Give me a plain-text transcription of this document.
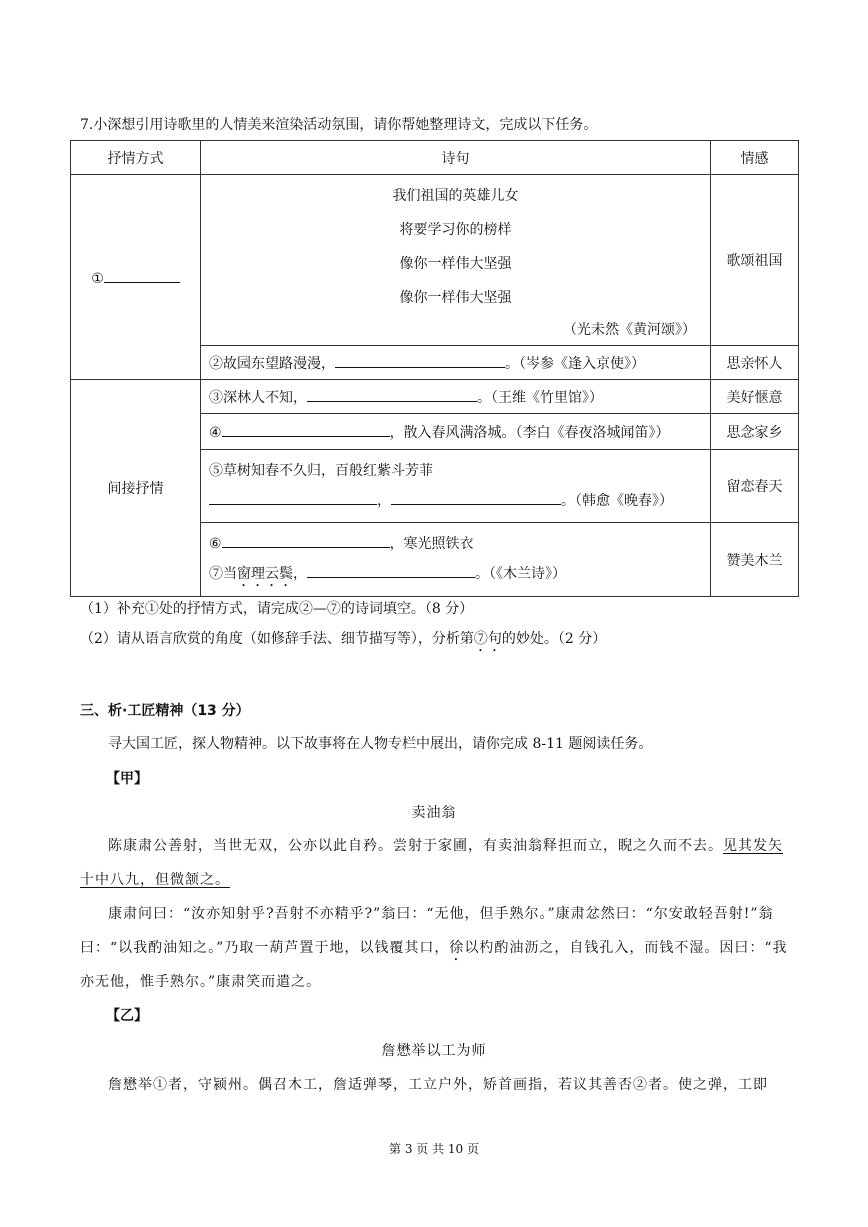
7.小深想引用诗歌里的人情美来渲染活动氛围，请你帮她整理诗文，完成以下任务。
抒情方式	诗句	情感
①	我们祖国的英雄儿女
将要学习你的榜样
像你一样伟大坚强
像你一样伟大坚强
（光未然《黄河颂》）	歌颂祖国
	②故园东望路漫漫， 。（岑参《逢入京使》）	思亲怀人
间接抒情	③深林人不知， 。（王维《竹里馆》）	美好惬意
	④ ，散入春风满洛城。（李白《春夜洛城闻笛》）	思念家乡

	⑤草树知春不久归，百般红紫斗芳菲
， 。（韩愈《晚春》）	留恋春天

	⑥ ，寒光照铁衣
⑦当窗理云鬓， 。（《木兰诗》）	赞美木兰
（1）补充①处的抒情方式，请完成②—⑦的诗词填空。（8 分）
（2）请从语言欣赏的角度（如修辞手法、细节描写等），分析第⑦句的妙处。（2 分）
三、析·工匠精神（13 分）
寻大国工匠，探人物精神。以下故事将在人物专栏中展出，请你完成 8-11 题阅读任务。
【甲】
卖油翁
陈康肃公善射，当世无双，公亦以此自矜。尝射于家圃，有卖油翁释担而立，睨之久而不去。见其发矢十中八九，但微颔之。
康肃问曰：“汝亦知射乎?吾射不亦精乎?”翁曰：“无他，但手熟尔。”康肃忿然曰：“尔安敢轻吾射!”翁曰：“以我酌油知之。”乃取一葫芦置于地，以钱覆其口，徐以杓酌油沥之，自钱孔入，而钱不湿。因曰：“我亦无他，惟手熟尔。”康肃笑而遣之。
【乙】
詹懋举以工为师
詹懋举①者，守颍州。偶召木工，詹适弹琴，工立户外，矫首画指，若议其善否②者。使之弹，工即
第 3 页 共 10 页
